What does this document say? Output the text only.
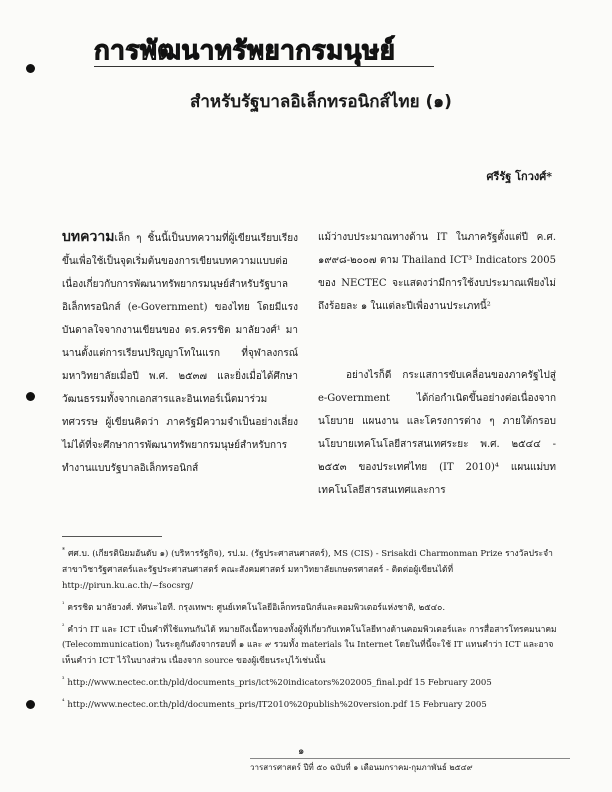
การพัฒนาทรัพยากรมนุษย์
สำหรับรัฐบาลอิเล็กทรอนิกส์ไทย (๑)
ศรีรัฐ โกวงศ์*

บทความเล็ก ๆ ชิ้นนี้เป็นบทความที่ผู้เขียนเรียบเรียงขึ้นเพื่อใช้เป็นจุดเริ่มต้นของการเขียนบทความแบบต่อเนื่องเกี่ยวกับการพัฒนาทรัพยากรมนุษย์สำหรับรัฐบาลอิเล็กทรอนิกส์ (e-Government) ของไทย โดยมีแรงบันดาลใจจากงานเขียนของ ดร.ครรชิต มาลัยวงศ์¹ มานานตั้งแต่การเรียนปริญญาโทในแรก ที่จุฬาลงกรณ์มหาวิทยาลัยเมื่อปี พ.ศ. ๒๕๓๗ และยิ่งเมื่อได้ศึกษาวัฒนธรรมทั้งจากเอกสารและอินเทอร์เน็ตมาร่วมทศวรรษ ผู้เขียนคิดว่า ภาครัฐมีความจำเป็นอย่างเลี่ยงไม่ได้ที่จะศึกษาการพัฒนาทรัพยากรมนุษย์สำหรับการทำงานแบบรัฐบาลอิเล็กทรอนิกส์

แม้ว่างบประมาณทางด้าน IT ในภาครัฐตั้งแต่ปี ค.ศ. ๑๙๙๘-๒๐๐๗ ตาม Thailand ICT³ Indicators 2005 ของ NECTEC จะแสดงว่ามีการใช้งบประมาณเพียงไม่ถึงร้อยละ ๑ ในแต่ละปีเพื่องานประเภทนี้²

อย่างไรก็ดี กระแสการขับเคลื่อนของภาครัฐไปสู่ e-Government ได้ก่อกำเนิดขึ้นอย่างต่อเนื่องจากนโยบาย แผนงาน และโครงการต่าง ๆ ภายใต้กรอบนโยบายเทคโนโลยีสารสนเทศระยะ พ.ศ. ๒๕๔๔ - ๒๕๕๓ ของประเทศไทย (IT 2010)⁴ แผนแม่บทเทคโนโลยีสารสนเทศและการ

* ศศ.บ. (เกียรตินิยมอันดับ ๑) (บริหารรัฐกิจ), รป.ม. (รัฐประศาสนศาสตร์), MS (CIS) - Srisakdi Charmonman Prize รางวัลประจำสาขาวิชารัฐศาสตร์และรัฐประศาสนศาสตร์ คณะสังคมศาสตร์ มหาวิทยาลัยเกษตรศาสตร์ - ติดต่อผู้เขียนได้ที่ http://pirun.ku.ac.th/~fsocsrg/

$^{^1}$ ครรชิต มาลัยวงศ์. ทัศนะไอที. กรุงเทพฯ: ศูนย์เทคโนโลยีอิเล็กทรอนิกส์และคอมพิวเตอร์แห่งชาติ, ๒๕๔๐.

$^{^2}$ คำว่า IT และ ICT เป็นคำที่ใช้แทนกันได้ หมายถึงเนื้อหาของทั้งผู้ที่เกี่ยวกับเทคโนโลยีทางด้านคอมพิวเตอร์และ การสื่อสารโทรคมนาคม (Telecommunication) ในระดูกันดังจากรอบที่ ๑ และ ๙ รวมทั้ง materials ใน Internet โดยในที่นี้จะใช้ IT แทนคำว่า ICT และอาจเห็นคำว่า ICT ไว้ในบางส่วน เนื่องจาก source ของผู้เขียนระบุไว้เช่นนั้น

$^{^3}$ http://www.nectec.or.th/pld/documents_pris/ict%20indicators%202005_final.pdf 15 February 2005

$^{^4}$ http://www.nectec.or.th/pld/documents_pris/IT2010%20publish%20version.pdf 15 February 2005

๑
วารสารศาสตร์ ปีที่ ๕๐ ฉบับที่ ๑ เดือนมกราคม-กุมภาพันธ์ ๒๕๔๙
